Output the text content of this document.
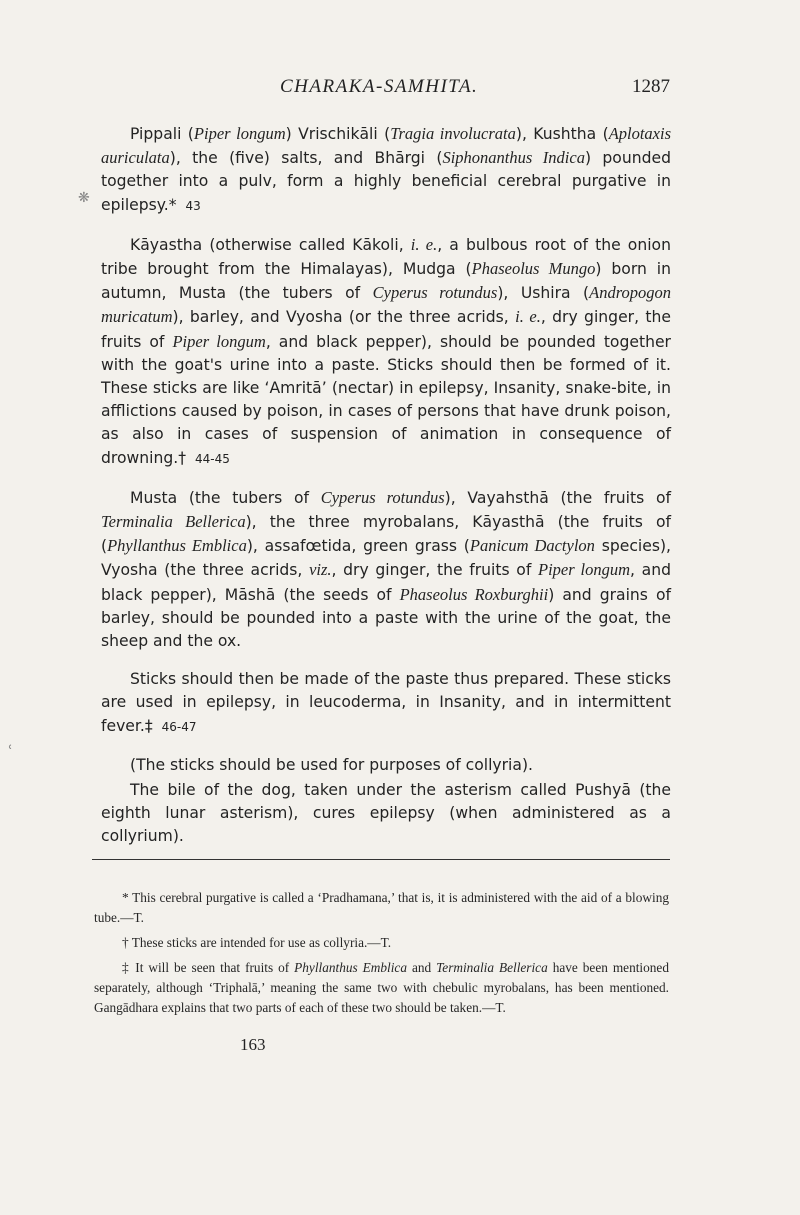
CHARAKA-SAMHITA.	1287

Pippali (Piper longum) Vrischikāli (Tragia involucrata), Kushtha (Aplotaxis auriculata), the (five) salts, and Bhārgi (Siphonanthus Indica) pounded together into a pulv, form a highly beneficial cerebral purgative in epilepsy.* 43

Kāyastha (otherwise called Kākoli, i. e., a bulbous root of the onion tribe brought from the Himalayas), Mudga (Phaseolus Mungo) born in autumn, Musta (the tubers of Cyperus rotundus), Ushira (Andropogon muricatum), barley, and Vyosha (or the three acrids, i. e., dry ginger, the fruits of Piper longum, and black pepper), should be pounded together with the goat's urine into a paste. Sticks should then be formed of it. These sticks are like ‘Amritā’ (nectar) in epilepsy, Insanity, snake-bite, in afflictions caused by poison, in cases of persons that have drunk poison, as also in cases of suspension of animation in consequence of drowning.† 44-45

Musta (the tubers of Cyperus rotundus), Vayahsthā (the fruits of Terminalia Bellerica), the three myrobalans, Kāyasthā (the fruits of (Phyllanthus Emblica), assafœtida, green grass (Panicum Dactylon species), Vyosha (the three acrids, viz., dry ginger, the fruits of Piper longum, and black pepper), Māshā (the seeds of Phaseolus Roxburghii) and grains of barley, should be pounded into a paste with the urine of the goat, the sheep and the ox.

Sticks should then be made of the paste thus prepared. These sticks are used in epilepsy, in leucoderma, in Insanity, and in intermittent fever.‡ 46-47

(The sticks should be used for purposes of collyria).

The bile of the dog, taken under the asterism called Pushyā (the eighth lunar asterism), cures epilepsy (when administered as a collyrium).

* This cerebral purgative is called a ‘Pradhamana,’ that is, it is administered with the aid of a blowing tube.—T.

† These sticks are intended for use as collyria.—T.

‡ It will be seen that fruits of Phyllanthus Emblica and Terminalia Bellerica have been mentioned separately, although ‘Triphalā,’ meaning the same two with chebulic myrobalans, has been mentioned. Gangādhara explains that two parts of each of these two should be taken.—T.

163
❋
˓
